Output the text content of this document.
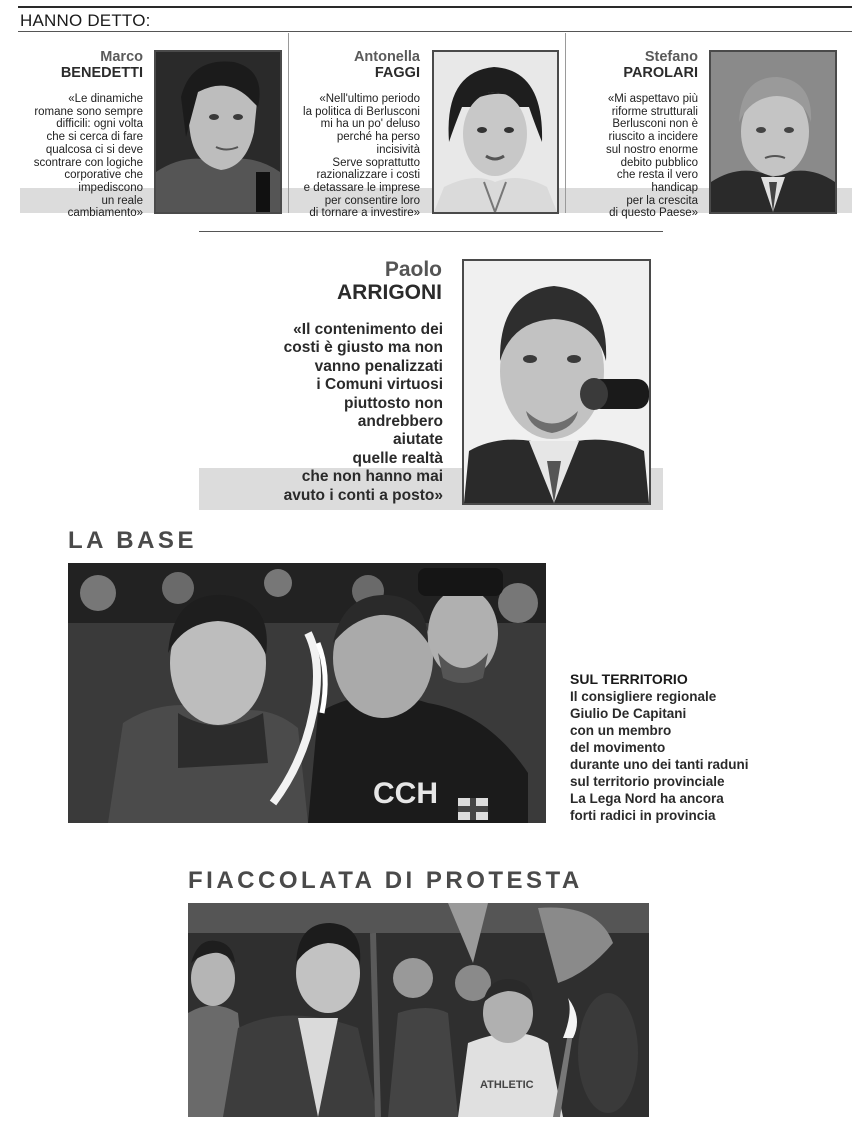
HANNO DETTO:
Marco
BENEDETTI
«Le dinamiche
romane sono sempre
difficili: ogni volta
che si cerca di fare
qualcosa ci si deve
scontrare con logiche
corporative che
impediscono
un reale
cambiamento»
Antonella
FAGGI
«Nell'ultimo periodo
la politica di Berlusconi
mi ha un po' deluso
perché ha perso
incisività
Serve soprattutto
razionalizzare i costi
e detassare le imprese
per consentire loro
di tornare a investire»
Stefano
PAROLARI
«Mi aspettavo più
riforme strutturali
Berlusconi non è
riuscito a incidere
sul nostro enorme
debito pubblico
che resta il vero
handicap
per la crescita
di questo Paese»
Paolo
ARRIGONI
«Il contenimento dei
costi è giusto ma non
vanno penalizzati
i Comuni virtuosi
piuttosto non
andrebbero
aiutate
quelle realtà
che non hanno mai
avuto i conti a posto»
LA BASE
CCH
SUL TERRITORIO
Il consigliere regionale
Giulio De Capitani
con un membro
del movimento
durante uno dei tanti raduni
sul territorio provinciale
La Lega Nord ha ancora
forti radici in provincia
FIACCOLATA DI PROTESTA
ATHLETIC
